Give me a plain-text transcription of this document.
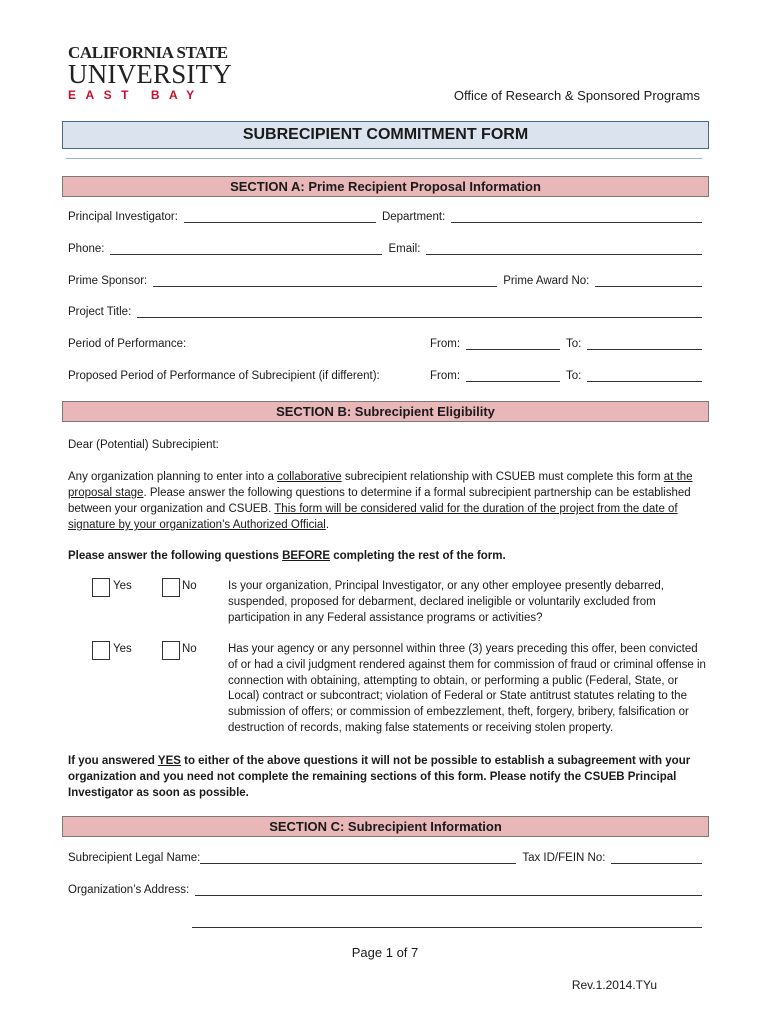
CALIFORNIA STATE
UNIVERSITY
EAST BAY	Office of Research & Sponsored Programs
SUBRECIPIENT COMMITMENT FORM
SECTION A: Prime Recipient Proposal Information
Principal Investigator:	Department:
Phone:	Email:
Prime Sponsor:	Prime Award No:
Project Title:
Period of Performance:	From:	To:
Proposed Period of Performance of Subrecipient (if different):	From:	To:
SECTION B: Subrecipient Eligibility
Dear (Potential) Subrecipient:
Any organization planning to enter into a collaborative subrecipient relationship with CSUEB must complete this form at the proposal stage. Please answer the following questions to determine if a formal subrecipient partnership can be established between your organization and CSUEB. This form will be considered valid for the duration of the project from the date of signature by your organization’s Authorized Official.
Please answer the following questions BEFORE completing the rest of the form.
Yes	No	Is your organization, Principal Investigator, or any other employee presently debarred, suspended, proposed for debarment, declared ineligible or voluntarily excluded from participation in any Federal assistance programs or activities?
Yes	No	Has your agency or any personnel within three (3) years preceding this offer, been convicted of or had a civil judgment rendered against them for commission of fraud or criminal offense in connection with obtaining, attempting to obtain, or performing a public (Federal, State, or Local) contract or subcontract; violation of Federal or State antitrust statutes relating to the submission of offers; or commission of embezzlement, theft, forgery, bribery, falsification or destruction of records, making false statements or receiving stolen property.
If you answered YES to either of the above questions it will not be possible to establish a subagreement with your organization and you need not complete the remaining sections of this form. Please notify the CSUEB Principal Investigator as soon as possible.
SECTION C: Subrecipient Information
Subrecipient Legal Name:	Tax ID/FEIN No:
Organization’s Address:
Page 1 of 7
Rev.1.2014.TYu
